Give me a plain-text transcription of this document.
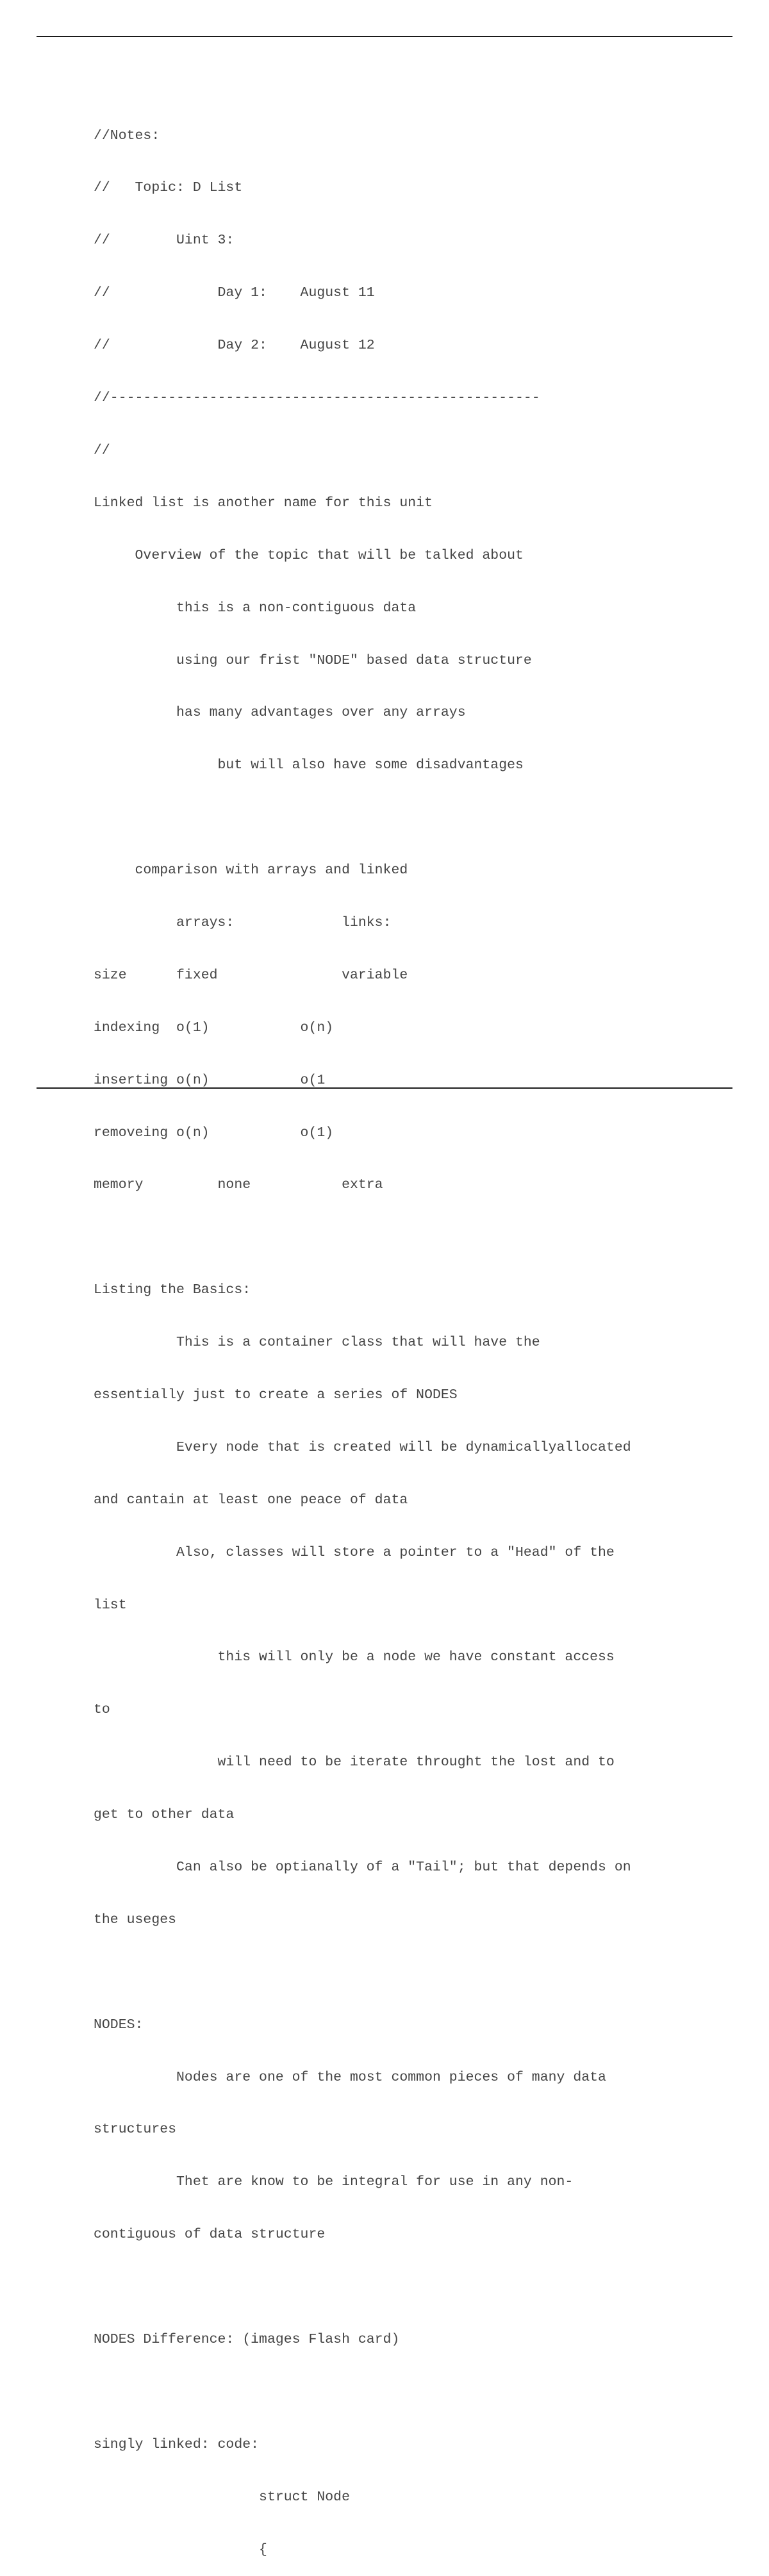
//Notes:

//   Topic: D List

//        Uint 3:

//             Day 1:    August 11

//             Day 2:    August 12

//----------------------------------------------------

//

Linked list is another name for this unit

Overview of the topic that will be talked about

this is a non-contiguous data

using our frist "NODE" based data structure

has many advantages over any arrays

but will also have some disadvantages

comparison with arrays and linked

arrays:             links:

size      fixed               variable

indexing  o(1)           o(n)

inserting o(n)           o(1

removeing o(n)           o(1)

memory         none           extra

Listing the Basics:

This is a container class that will have the

essentially just to create a series of NODES

Every node that is created will be dynamicallyallocated

and cantain at least one peace of data

Also, classes will store a pointer to a "Head" of the

list

this will only be a node we have constant access

to

will need to be iterate throught the lost and to

get to other data

Can also be optianally of a "Tail"; but that depends on

the useges

NODES:

Nodes are one of the most common pieces of many data

structures

Thet are know to be integral for use in any non-

contiguous of data structure

NODES Difference: (images Flash card)

singly linked: code:

struct Node

{
